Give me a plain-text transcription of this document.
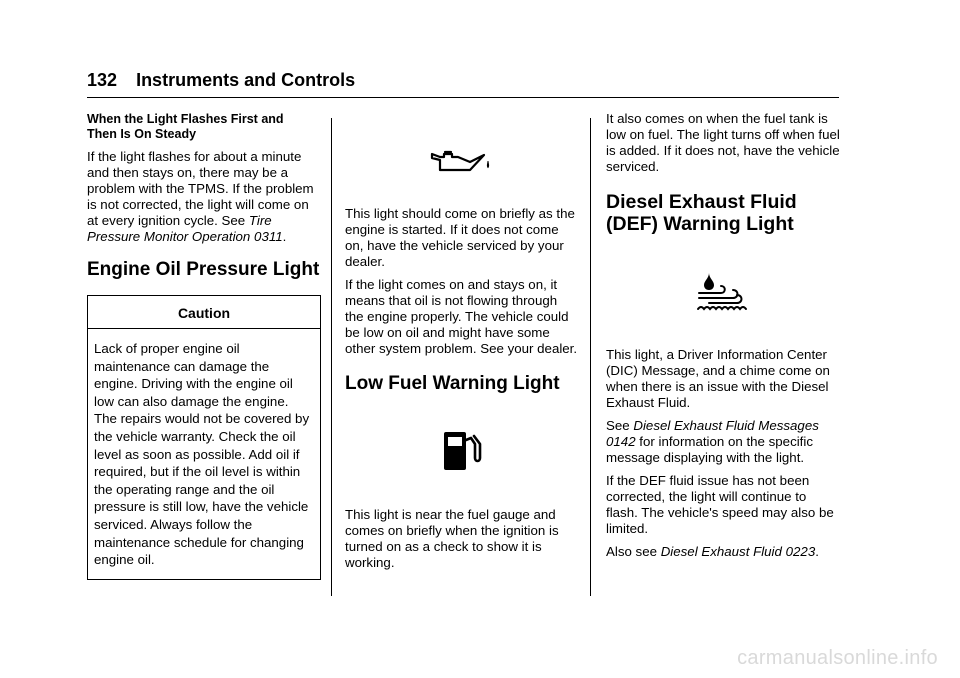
132 Instruments and Controls
When the Light Flashes First and
Then Is On Steady

If the light flashes for about a minute and then stays on, there may be a problem with the TPMS. If the problem is not corrected, the light will come on at every ignition cycle. See Tire Pressure Monitor Operation 0311.

Engine Oil Pressure Light
Caution
Lack of proper engine oil maintenance can damage the engine. Driving with the engine oil low can also damage the engine. The repairs would not be covered by the vehicle warranty. Check the oil level as soon as possible. Add oil if required, but if the oil level is within the operating range and the oil pressure is still low, have the vehicle serviced. Always follow the maintenance schedule for changing engine oil.

This light should come on briefly as the engine is started. If it does not come on, have the vehicle serviced by your dealer.

If the light comes on and stays on, it means that oil is not flowing through the engine properly. The vehicle could be low on oil and might have some other system problem. See your dealer.

Low Fuel Warning Light

This light is near the fuel gauge and comes on briefly when the ignition is turned on as a check to show it is working.

It also comes on when the fuel tank is low on fuel. The light turns off when fuel is added. If it does not, have the vehicle serviced.

Diesel Exhaust Fluid
(DEF) Warning Light

This light, a Driver Information Center (DIC) Message, and a chime come on when there is an issue with the Diesel Exhaust Fluid.

See Diesel Exhaust Fluid Messages 0142 for information on the specific message displaying with the light.

If the DEF fluid issue has not been corrected, the light will continue to flash. The vehicle's speed may also be limited.

Also see Diesel Exhaust Fluid 0223.

carmanualsonline.info
